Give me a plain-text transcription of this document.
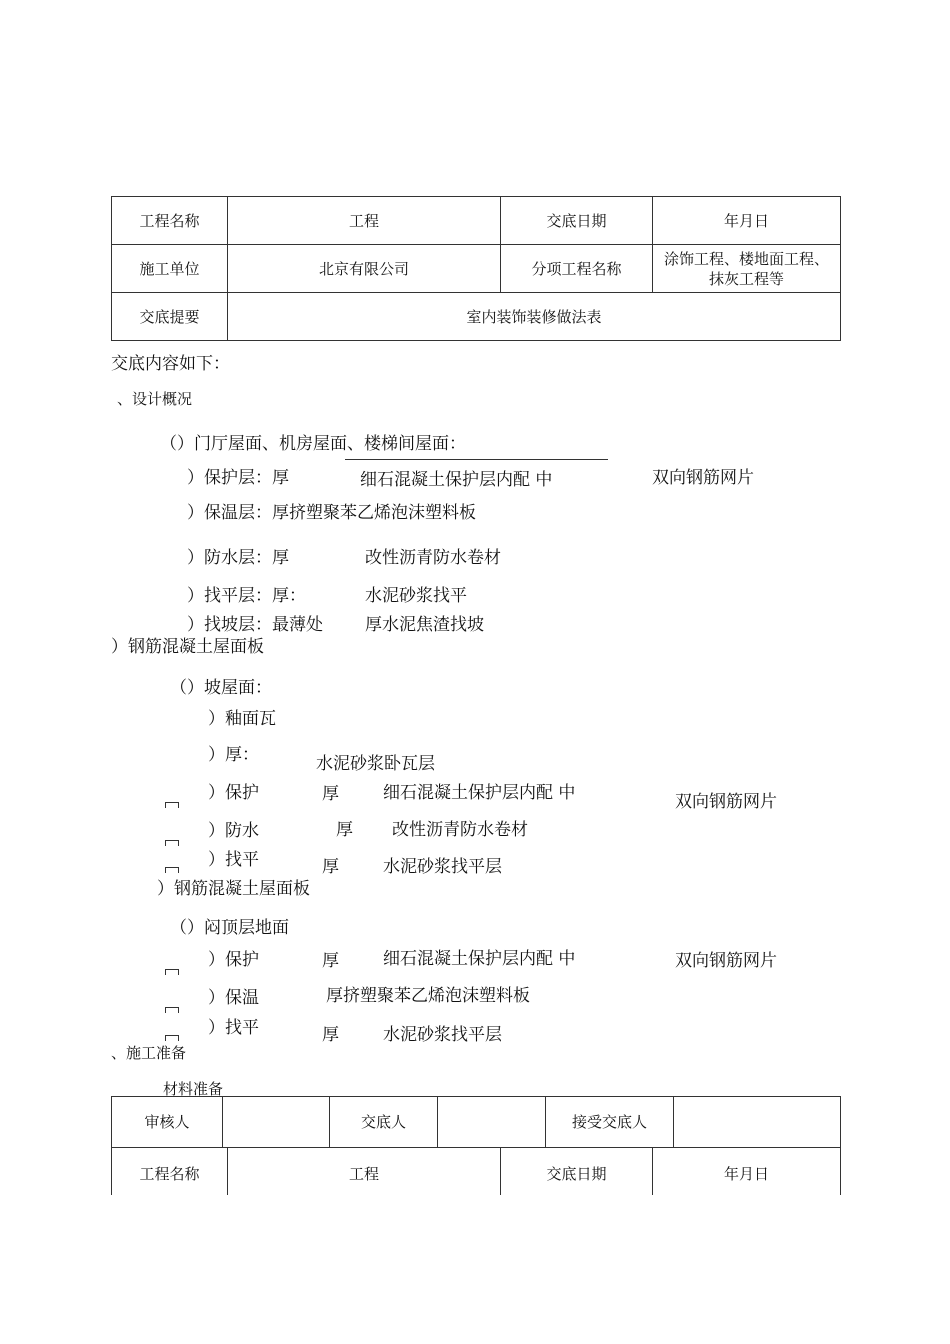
工程名称	工程	交底日期	年月日
施工单位	北京有限公司	分项工程名称	涂饰工程、楼地面工程、抹灰工程等
交底提要	室内装饰装修做法表		
交底内容如下：
、设计概况
（）门厅屋面、机房屋面、楼梯间屋面：
）保护层：厚	细石混凝土保护层内配 中	双向钢筋网片
）保温层：厚挤塑聚苯乙烯泡沫塑料板
）防水层：厚	改性沥青防水卷材
）找平层：厚：	水泥砂浆找平
）找坡层：最薄处 厚水泥焦渣找坡
）钢筋混凝土屋面板
（）坡屋面：
）釉面瓦
）厚：	水泥砂浆卧瓦层
）保护	厚	细石混凝土保护层内配 中	双向钢筋网片
）防水	厚 改性沥青防水卷材
）找平	厚	水泥砂浆找平层
）钢筋混凝土屋面板
（）闷顶层地面
）保护	厚	细石混凝土保护层内配 中	双向钢筋网片
）保温	厚挤塑聚苯乙烯泡沫塑料板
）找平	厚	水泥砂浆找平层
、施工准备
材料准备
审核人		交底人		接受交底人	
工程名称	工程	交底日期	年月日
